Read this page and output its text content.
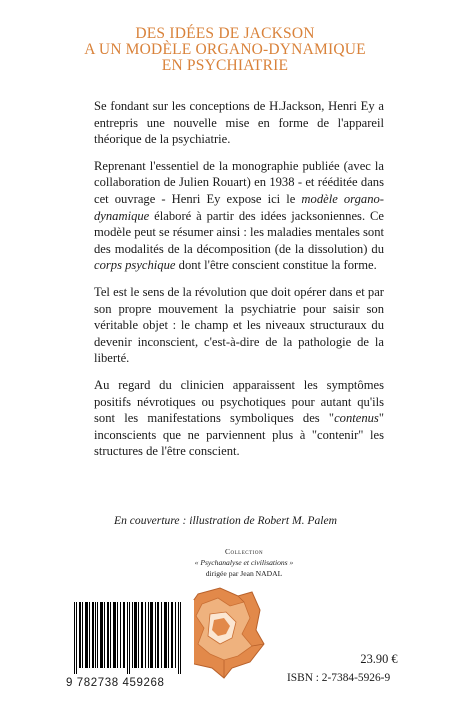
DES IDÉES DE JACKSON
A UN MODÈLE ORGANO-DYNAMIQUE
EN PSYCHIATRIE

Se fondant sur les conceptions de H.Jackson, Henri Ey a entrepris une nouvelle mise en forme de l'appareil théorique de la psychiatrie.

Reprenant l'essentiel de la monographie publiée (avec la collaboration de Julien Rouart) en 1938 - et rééditée dans cet ouvrage - Henri Ey expose ici le modèle organo-dynamique élaboré à partir des idées jacksoniennes. Ce modèle peut se résumer ainsi : les maladies mentales sont des modalités de la décomposition (de la dissolution) du corps psychique dont l'être conscient constitue la forme.

Tel est le sens de la révolution que doit opérer dans et par son propre mouvement la psychiatrie pour saisir son véritable objet : le champ et les niveaux structuraux du devenir inconscient, c'est-à-dire de la pathologie de la liberté.

Au regard du clinicien apparaissent les symptômes positifs névrotiques ou psychotiques pour autant qu'ils sont les manifestations symboliques des "contenus" inconscients que ne parviennent plus à "contenir" les structures de l'être conscient.

En couverture : illustration de Robert M. Palem
Collection
« Psychanalyse et civilisations »
dirigée par Jean NADAL
9 782738 459268
23.90 €
ISBN : 2-7384-5926-9
